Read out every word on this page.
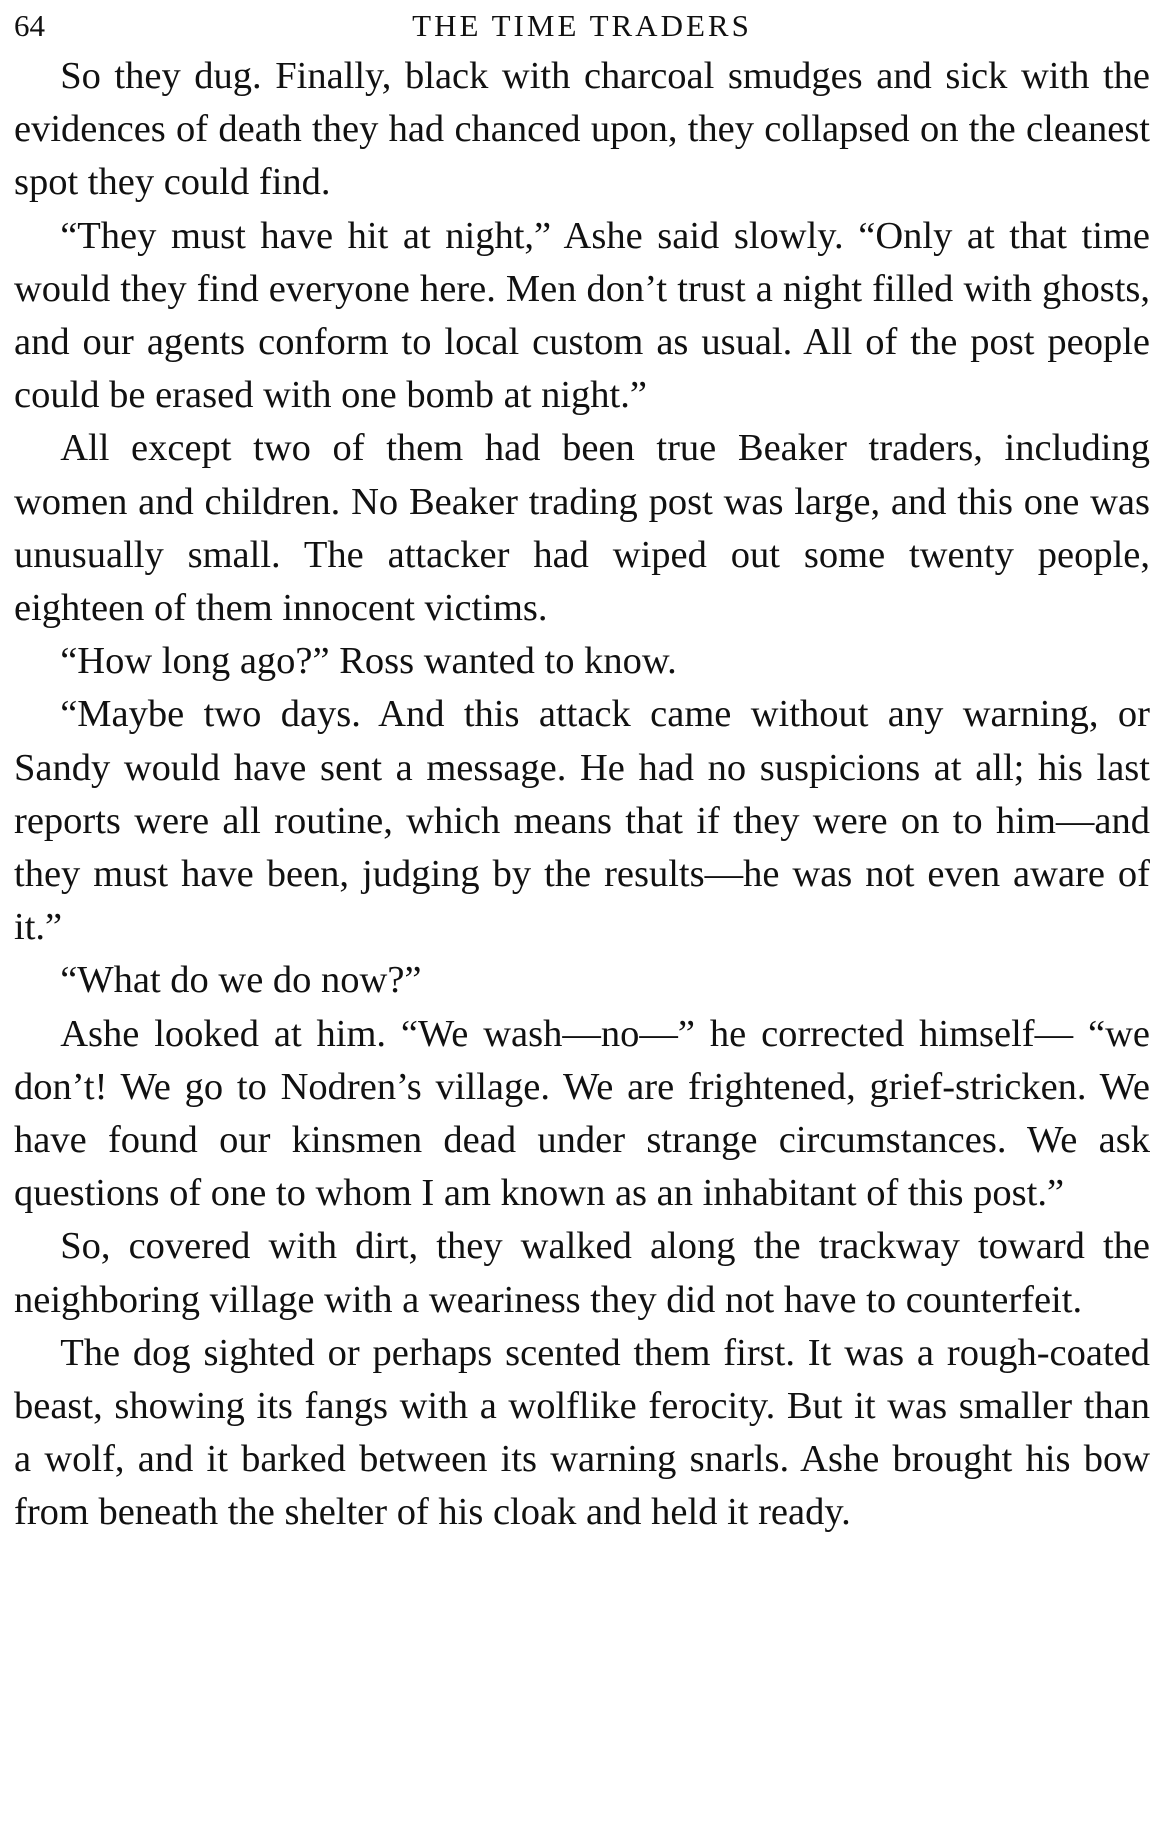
64	THE TIME TRADERS

So they dug. Finally, black with charcoal smudges and sick with the evidences of death they had chanced upon, they collapsed on the cleanest spot they could find.

“They must have hit at night,” Ashe said slowly. “Only at that time would they find everyone here. Men don’t trust a night filled with ghosts, and our agents conform to local custom as usual. All of the post people could be erased with one bomb at night.”

All except two of them had been true Beaker traders, including women and children. No Beaker trading post was large, and this one was unusually small. The attacker had wiped out some twenty people, eighteen of them innocent victims.

“How long ago?” Ross wanted to know.

“Maybe two days. And this attack came without any warning, or Sandy would have sent a message. He had no suspicions at all; his last reports were all routine, which means that if they were on to him—and they must have been, judging by the results—he was not even aware of it.”

“What do we do now?”

Ashe looked at him. “We wash—no—” he corrected himself— “we don’t! We go to Nodren’s village. We are frightened, grief-stricken. We have found our kinsmen dead under strange circumstances. We ask questions of one to whom I am known as an inhabitant of this post.”

So, covered with dirt, they walked along the trackway toward the neighboring village with a weariness they did not have to counterfeit.

The dog sighted or perhaps scented them first. It was a rough-coated beast, showing its fangs with a wolflike ferocity. But it was smaller than a wolf, and it barked between its warning snarls. Ashe brought his bow from beneath the shelter of his cloak and held it ready.
